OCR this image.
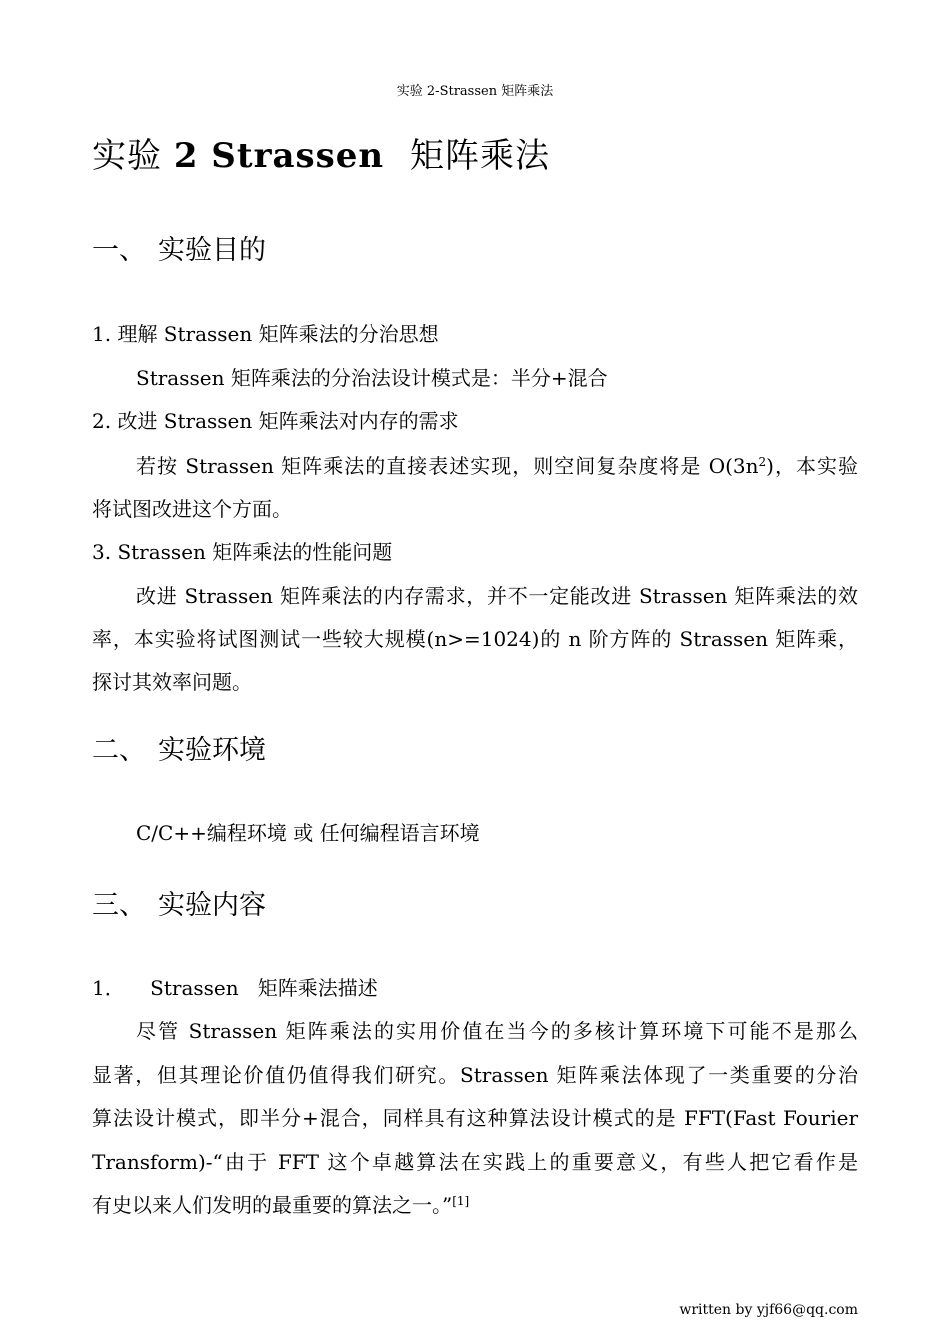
实验 2-Strassen 矩阵乘法
实验 2 Strassen 矩阵乘法
一、 实验目的
1. 理解 Strassen 矩阵乘法的分治思想
Strassen 矩阵乘法的分治法设计模式是：半分+混合
2. 改进 Strassen 矩阵乘法对内存的需求
若按 Strassen 矩阵乘法的直接表述实现，则空间复杂度将是 $O(3n^2)$，本实验
将试图改进这个方面。
3. Strassen 矩阵乘法的性能问题
改进 Strassen 矩阵乘法的内存需求，并不一定能改进 Strassen 矩阵乘法的效
率，本实验将试图测试一些较大规模(n>=1024)的 n 阶方阵的 Strassen 矩阵乘，
探讨其效率问题。
二、 实验环境
C/C++编程环境 或 任何编程语言环境
三、 实验内容
1．    Strassen   矩阵乘法描述
尽管 Strassen 矩阵乘法的实用价值在当今的多核计算环境下可能不是那么
显著，但其理论价值仍值得我们研究。Strassen 矩阵乘法体现了一类重要的分治
算法设计模式，即半分+混合，同样具有这种算法设计模式的是 FFT(Fast Fourier
Transform)-“由于 FFT 这个卓越算法在实践上的重要意义，有些人把它看作是
有史以来人们发明的最重要的算法之一。”[1]
written by yjf66@qq.com
